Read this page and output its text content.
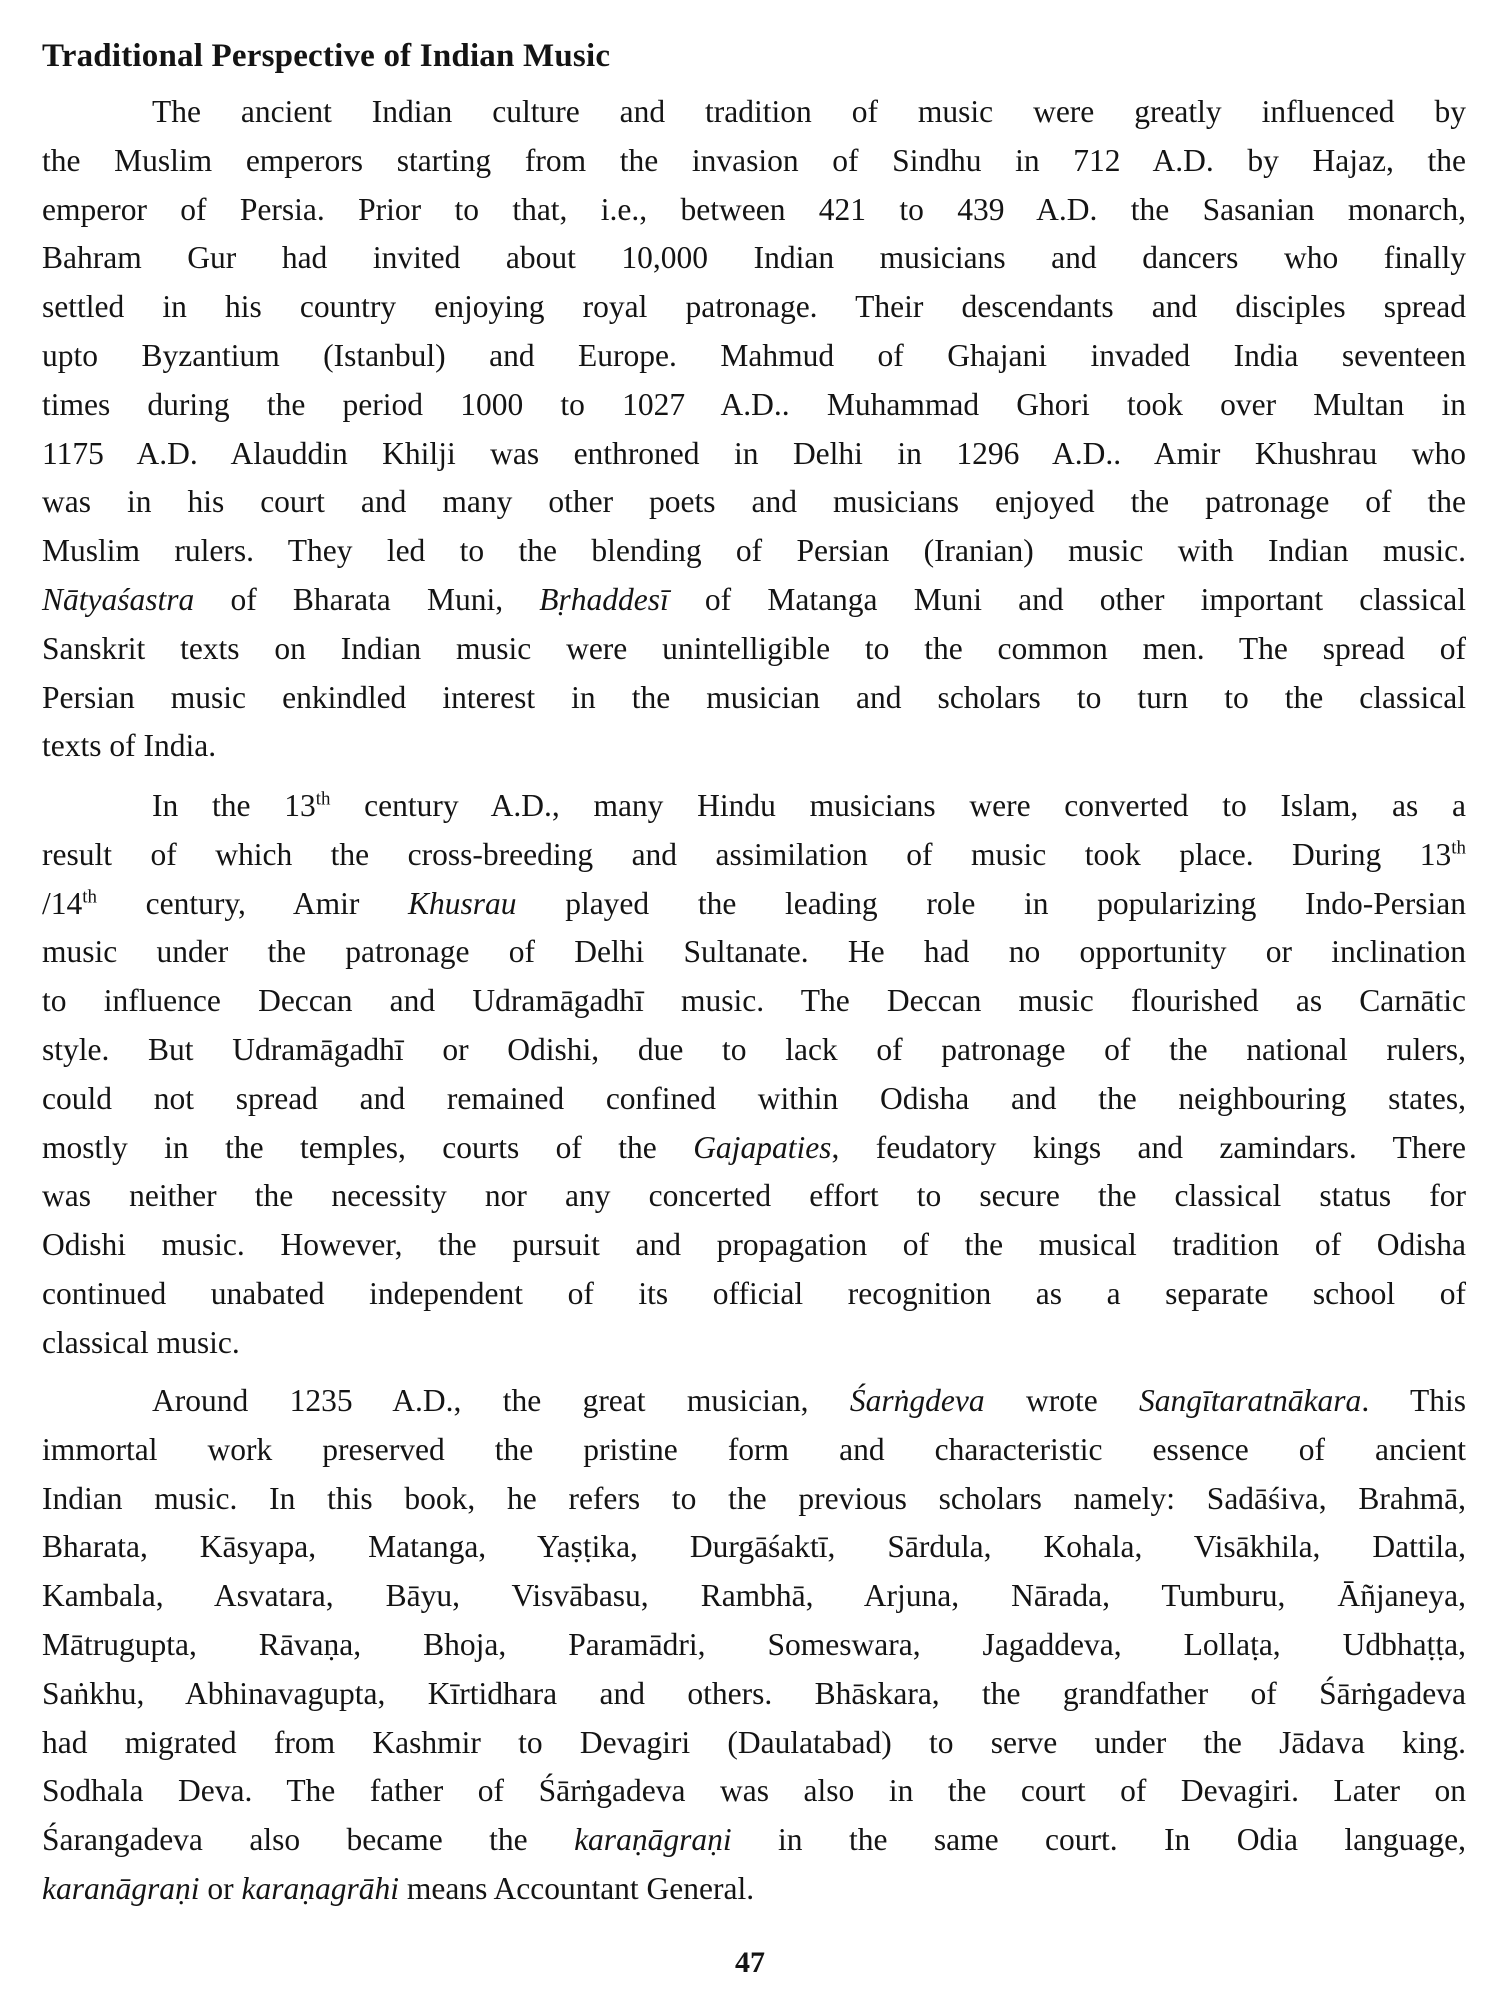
Traditional Perspective of Indian Music
The ancient Indian culture and tradition of music were greatly influenced by
the Muslim emperors starting from the invasion of Sindhu in 712 A.D. by Hajaz, the
emperor of Persia. Prior to that, i.e., between 421 to 439 A.D. the Sasanian monarch,
Bahram Gur had invited about 10,000 Indian musicians and dancers who finally
settled in his country enjoying royal patronage. Their descendants and disciples spread
upto Byzantium (Istanbul) and Europe. Mahmud of Ghajani invaded India seventeen
times during the period 1000 to 1027 A.D.. Muhammad Ghori took over Multan in
1175 A.D. Alauddin Khilji was enthroned in Delhi in 1296 A.D.. Amir Khushrau who
was in his court and many other poets and musicians enjoyed the patronage of the
Muslim rulers. They led to the blending of Persian (Iranian) music with Indian music.
Nātyaśastra of Bharata Muni, Bṛhaddesī of Matanga Muni and other important classical
Sanskrit texts on Indian music were unintelligible to the common men. The spread of
Persian music enkindled interest in the musician and scholars to turn to the classical
texts of India.
In the 13th century A.D., many Hindu musicians were converted to Islam, as a
result of which the cross-breeding and assimilation of music took place. During 13th
/14th century, Amir Khusrau played the leading role in popularizing Indo-Persian
music under the patronage of Delhi Sultanate. He had no opportunity or inclination
to influence Deccan and Udramāgadhī music. The Deccan music flourished as Carnātic
style. But Udramāgadhī or Odishi, due to lack of patronage of the national rulers,
could not spread and remained confined within Odisha and the neighbouring states,
mostly in the temples, courts of the Gajapaties, feudatory kings and zamindars. There
was neither the necessity nor any concerted effort to secure the classical status for
Odishi music. However, the pursuit and propagation of the musical tradition of Odisha
continued unabated independent of its official recognition as a separate school of
classical music.
Around 1235 A.D., the great musician, Śarṅgdeva wrote Sangītaratnākara. This
immortal work preserved the pristine form and characteristic essence of ancient
Indian music. In this book, he refers to the previous scholars namely: Sadāśiva, Brahmā,
Bharata, Kāsyapa, Matanga, Yaṣṭika, Durgāśaktī, Sārdula, Kohala, Visākhila, Dattila,
Kambala, Asvatara, Bāyu, Visvābasu, Rambhā, Arjuna, Nārada, Tumburu, Āñjaneya,
Mātrugupta, Rāvaṇa, Bhoja, Paramādri, Someswara, Jagaddeva, Lollaṭa, Udbhaṭṭa,
Saṅkhu, Abhinavagupta, Kīrtidhara and others. Bhāskara, the grandfather of Śārṅgadeva
had migrated from Kashmir to Devagiri (Daulatabad) to serve under the Jādava king.
Sodhala Deva. The father of Śārṅgadeva was also in the court of Devagiri. Later on
Śarangadeva also became the karaṇāgraṇi in the same court. In Odia language,
karanāgraṇi or karaṇagrāhi means Accountant General.
47
